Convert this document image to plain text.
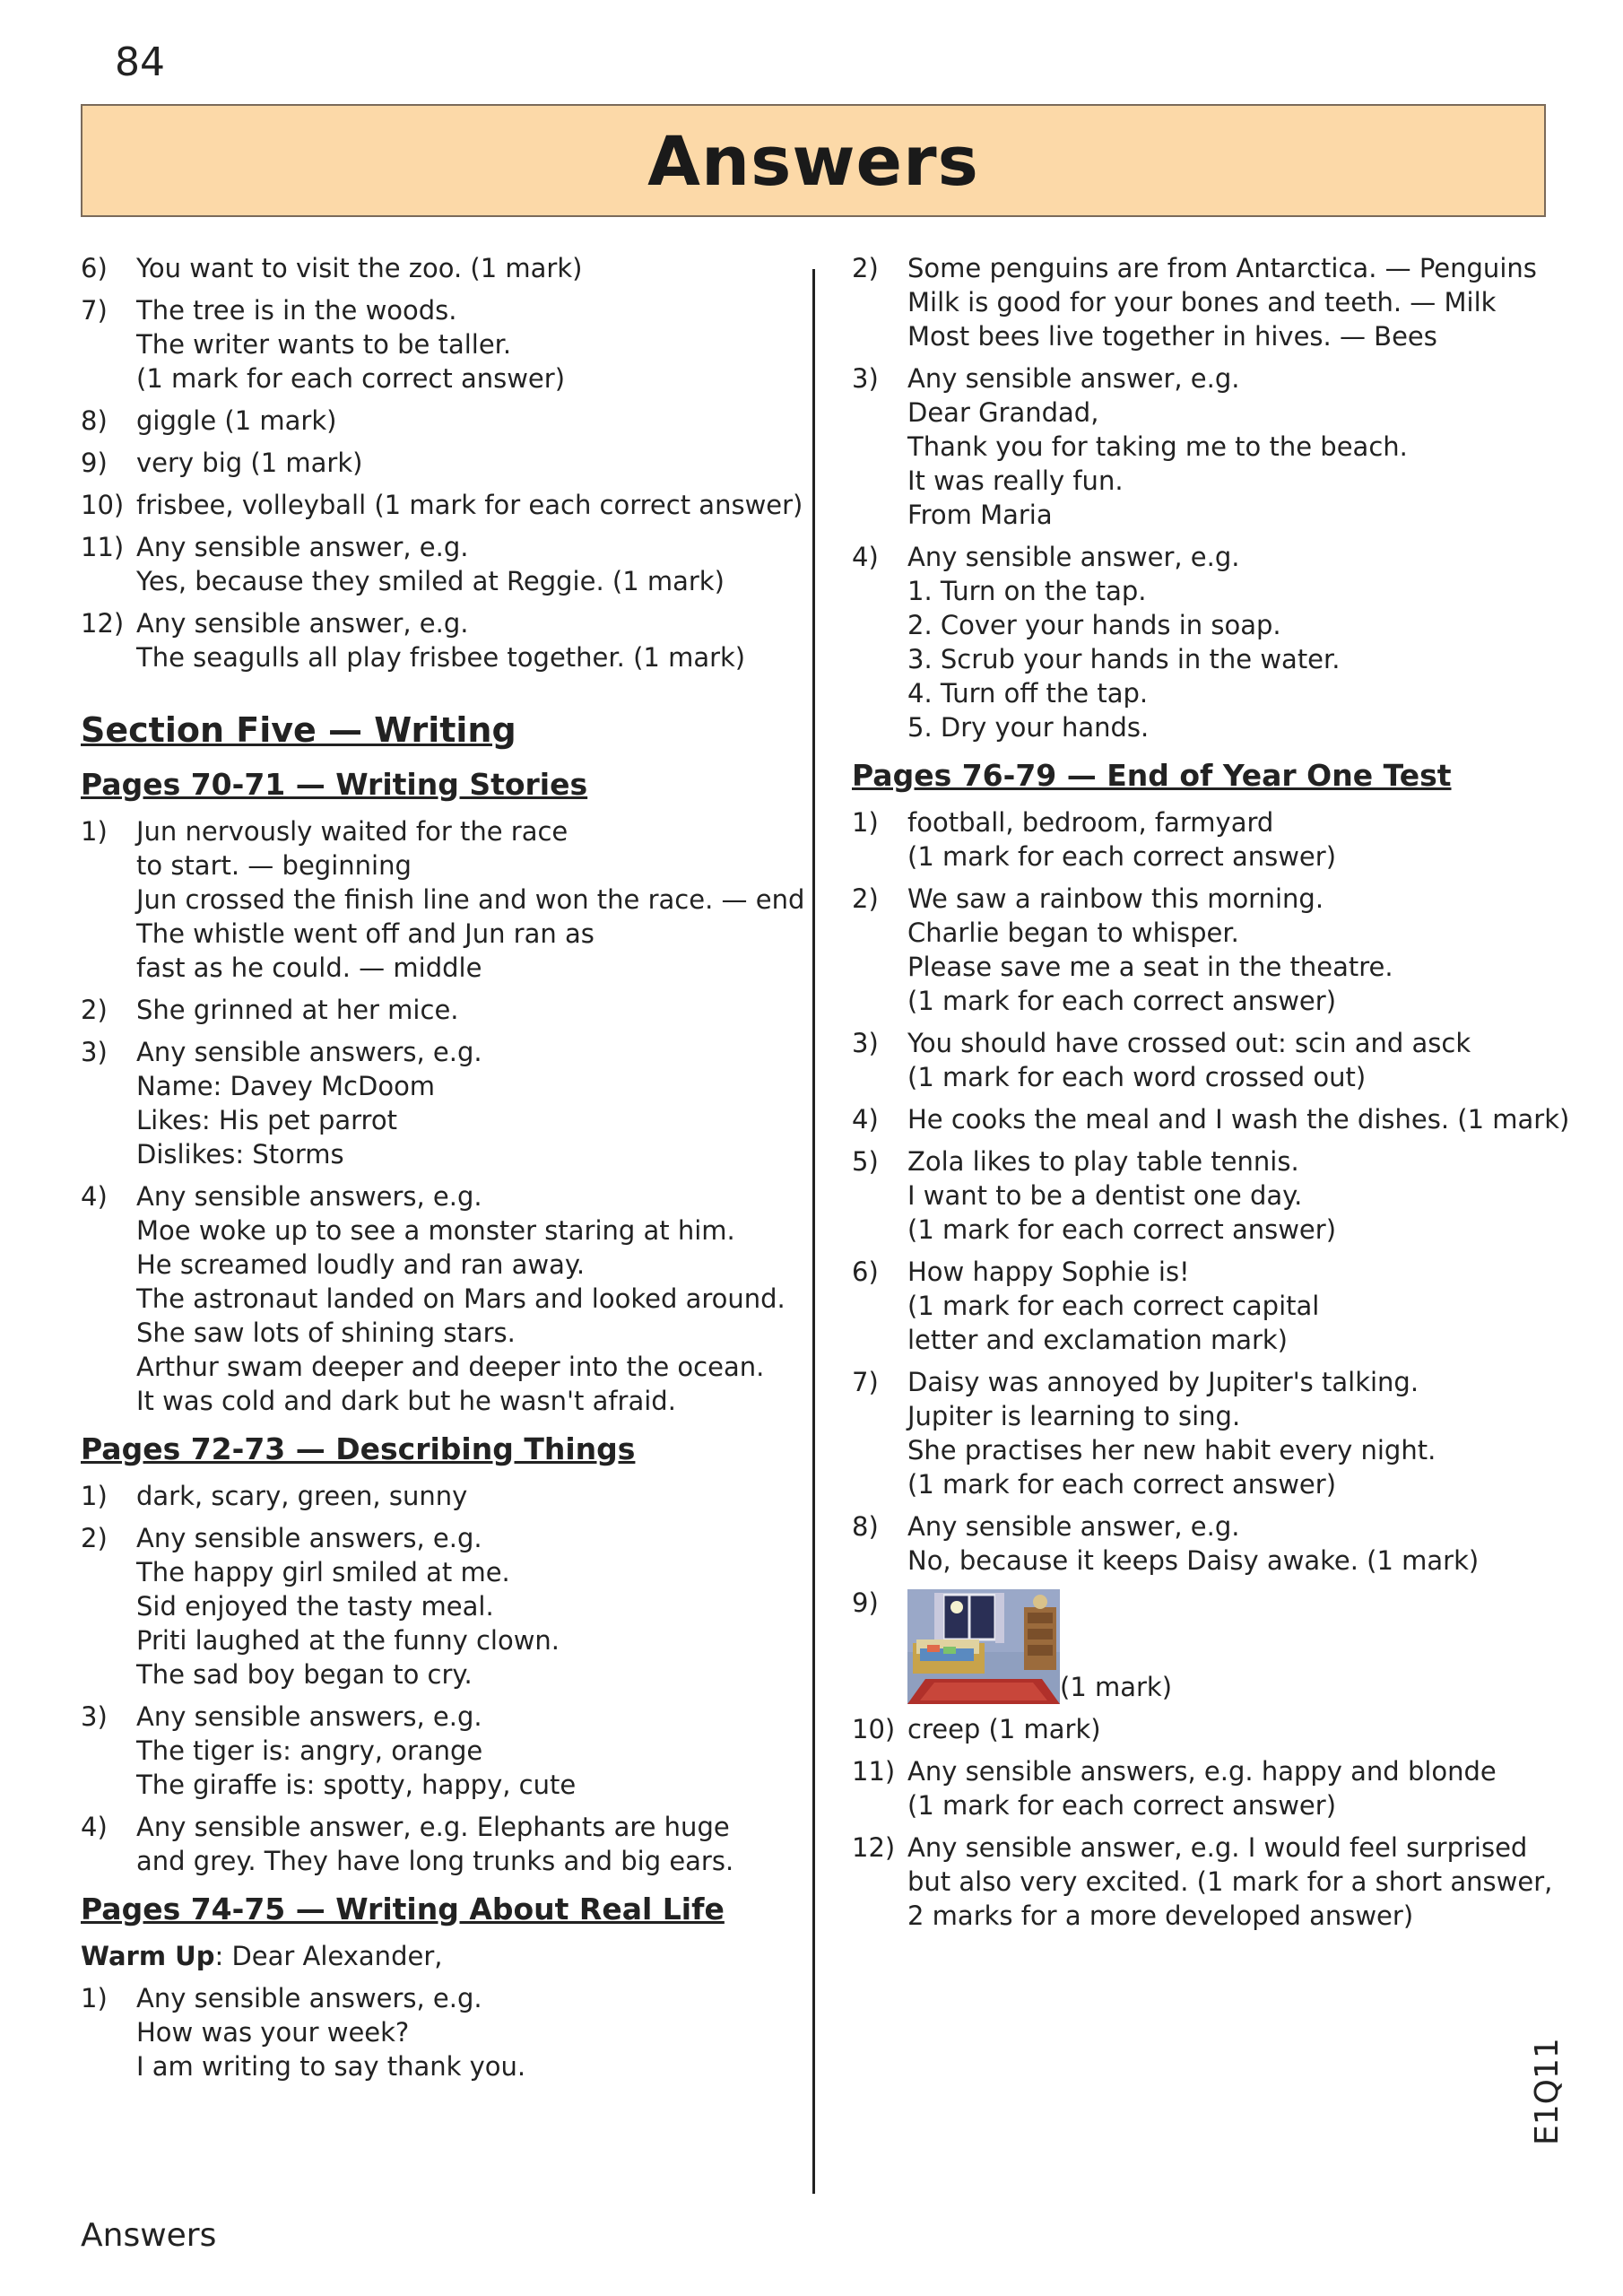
84
Answers
6)	You want to visit the zoo. (1 mark)
7)	The tree is in the woods.
The writer wants to be taller.
(1 mark for each correct answer)
8)	giggle (1 mark)
9)	very big (1 mark)
10) frisbee, volleyball (1 mark for each correct answer)
11) Any sensible answer, e.g.
Yes, because they smiled at Reggie. (1 mark)
12) Any sensible answer, e.g.
The seagulls all play frisbee together. (1 mark)
Section Five — Writing
Pages 70-71 — Writing Stories
1)	Jun nervously waited for the race
to start. — beginning
Jun crossed the finish line and won the race. — end
The whistle went off and Jun ran as
fast as he could. — middle
2)	She grinned at her mice.
3)	Any sensible answers, e.g.
Name: Davey McDoom
Likes: His pet parrot
Dislikes: Storms
4)	Any sensible answers, e.g.
Moe woke up to see a monster staring at him.
He screamed loudly and ran away.
The astronaut landed on Mars and looked around.
She saw lots of shining stars.
Arthur swam deeper and deeper into the ocean.
It was cold and dark but he wasn't afraid.
Pages 72-73 — Describing Things
1)	dark, scary, green, sunny
2)	Any sensible answers, e.g.
The happy girl smiled at me.
Sid enjoyed the tasty meal.
Priti laughed at the funny clown.
The sad boy began to cry.
3)	Any sensible answers, e.g.
The tiger is: angry, orange
The giraffe is: spotty, happy, cute
4)	Any sensible answer, e.g. Elephants are huge
and grey. They have long trunks and big ears.
Pages 74-75 — Writing About Real Life
Warm Up: Dear Alexander,
1)	Any sensible answers, e.g.
How was your week?
I am writing to say thank you.
2)	Some penguins are from Antarctica. — Penguins
Milk is good for your bones and teeth. — Milk
Most bees live together in hives. — Bees
3)	Any sensible answer, e.g.
Dear Grandad,
Thank you for taking me to the beach.
It was really fun.
From Maria
4)	Any sensible answer, e.g.
1. Turn on the tap.
2. Cover your hands in soap.
3. Scrub your hands in the water.
4. Turn off the tap.
5. Dry your hands.
Pages 76-79 — End of Year One Test
1)	football, bedroom, farmyard
(1 mark for each correct answer)
2)	We saw a rainbow this morning.
Charlie began to whisper.
Please save me a seat in the theatre.
(1 mark for each correct answer)
3)	You should have crossed out: scin and asck
(1 mark for each word crossed out)
4)	He cooks the meal and I wash the dishes. (1 mark)
5)	Zola likes to play table tennis.
I want to be a dentist one day.
(1 mark for each correct answer)
6)	How happy Sophie is!
(1 mark for each correct capital
letter and exclamation mark)
7)	Daisy was annoyed by Jupiter's talking.
Jupiter is learning to sing.
She practises her new habit every night.
(1 mark for each correct answer)
8)	Any sensible answer, e.g.
No, because it keeps Daisy awake. (1 mark)
9)
(1 mark)
10) creep (1 mark)
11) Any sensible answers, e.g. happy and blonde
(1 mark for each correct answer)
12) Any sensible answer, e.g. I would feel surprised
but also very excited. (1 mark for a short answer,
2 marks for a more developed answer)
Answers
E1Q11
